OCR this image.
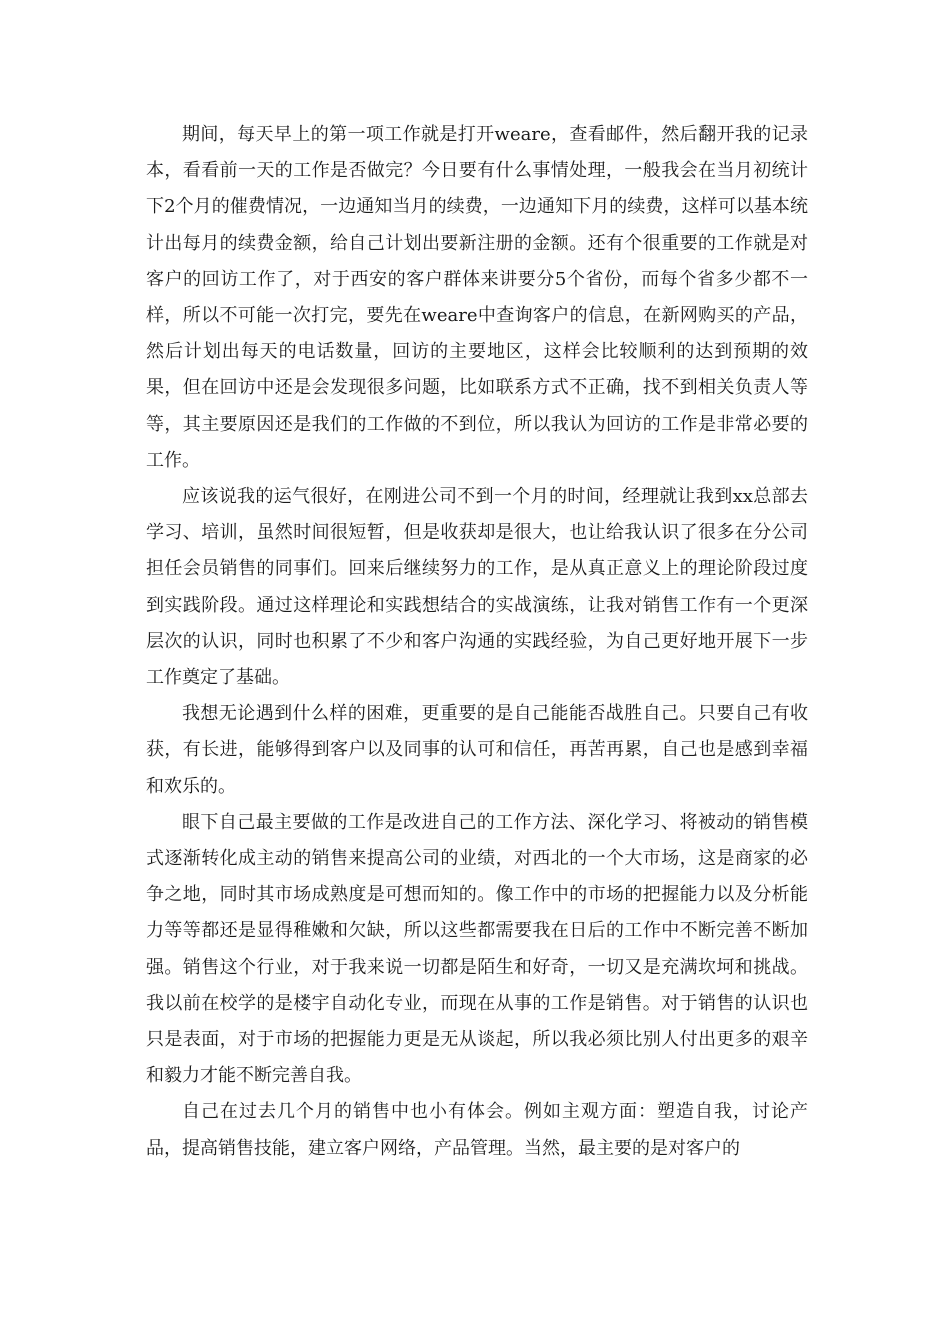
期间，每天早上的第一项工作就是打开weare，查看邮件，然后翻开我的记录本，看看前一天的工作是否做完？今日要有什么事情处理，一般我会在当月初统计下2个月的催费情况，一边通知当月的续费，一边通知下月的续费，这样可以基本统计出每月的续费金额，给自己计划出要新注册的金额。还有个很重要的工作就是对客户的回访工作了，对于西安的客户群体来讲要分5个省份，而每个省多少都不一样，所以不可能一次打完，要先在weare中查询客户的信息，在新网购买的产品，然后计划出每天的电话数量，回访的主要地区，这样会比较顺利的达到预期的效果，但在回访中还是会发现很多问题，比如联系方式不正确，找不到相关负责人等等，其主要原因还是我们的工作做的不到位，所以我认为回访的工作是非常必要的工作。

应该说我的运气很好，在刚进公司不到一个月的时间，经理就让我到xx总部去学习、培训，虽然时间很短暂，但是收获却是很大，也让给我认识了很多在分公司担任会员销售的同事们。回来后继续努力的工作，是从真正意义上的理论阶段过度到实践阶段。通过这样理论和实践想结合的实战演练，让我对销售工作有一个更深层次的认识，同时也积累了不少和客户沟通的实践经验，为自己更好地开展下一步工作奠定了基础。

我想无论遇到什么样的困难，更重要的是自己能能否战胜自己。只要自己有收获，有长进，能够得到客户以及同事的认可和信任，再苦再累，自己也是感到幸福和欢乐的。

眼下自己最主要做的工作是改进自己的工作方法、深化学习、将被动的销售模式逐渐转化成主动的销售来提高公司的业绩，对西北的一个大市场，这是商家的必争之地，同时其市场成熟度是可想而知的。像工作中的市场的把握能力以及分析能力等等都还是显得稚嫩和欠缺，所以这些都需要我在日后的工作中不断完善不断加强。销售这个行业，对于我来说一切都是陌生和好奇，一切又是充满坎坷和挑战。我以前在校学的是楼宇自动化专业，而现在从事的工作是销售。对于销售的认识也只是表面，对于市场的把握能力更是无从谈起，所以我必须比别人付出更多的艰辛和毅力才能不断完善自我。

自己在过去几个月的销售中也小有体会。例如主观方面：塑造自我，讨论产品，提高销售技能，建立客户网络，产品管理。当然，最主要的是对客户的
